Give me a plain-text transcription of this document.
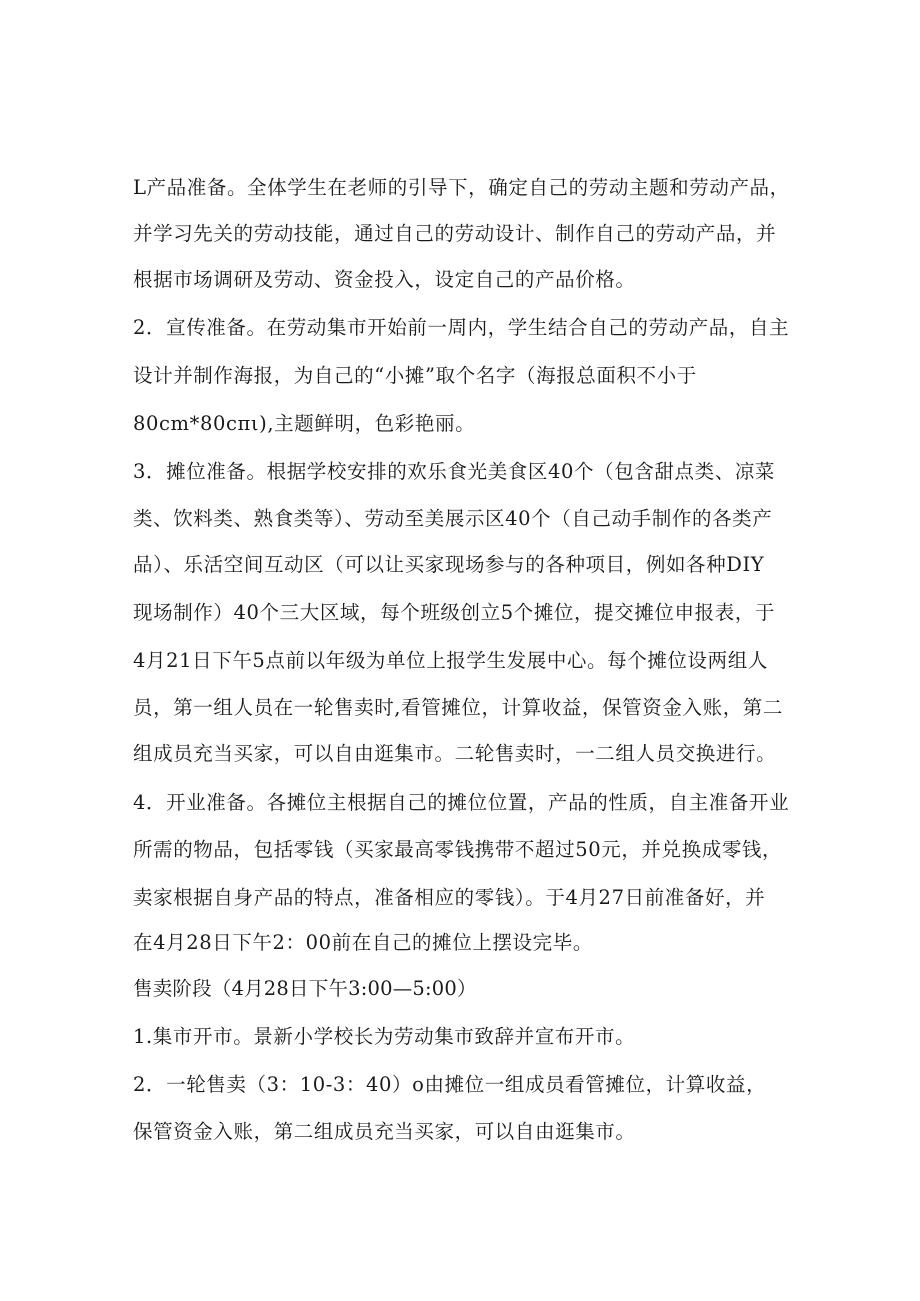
L产品准备。全体学生在老师的引导下，确定自己的劳动主题和劳动产品，
并学习先关的劳动技能，通过自己的劳动设计、制作自己的劳动产品，并
根据市场调研及劳动、资金投入，设定自己的产品价格。
2．宣传准备。在劳动集市开始前一周内，学生结合自己的劳动产品，自主
设计并制作海报，为自己的“小摊”取个名字（海报总面积不小于
80cm*80cπι),主题鲜明，色彩艳丽。
3．摊位准备。根据学校安排的欢乐食光美食区40个（包含甜点类、凉菜
类、饮料类、熟食类等）、劳动至美展示区40个（自己动手制作的各类产
品）、乐活空间互动区（可以让买家现场参与的各种项目，例如各种DIY
现场制作）40个三大区域，每个班级创立5个摊位，提交摊位申报表，于
4月21日下午5点前以年级为单位上报学生发展中心。每个摊位设两组人
员，第一组人员在一轮售卖时,看管摊位，计算收益，保管资金入账，第二
组成员充当买家，可以自由逛集市。二轮售卖时，一二组人员交换进行。
4．开业准备。各摊位主根据自己的摊位位置，产品的性质，自主准备开业
所需的物品，包括零钱（买家最高零钱携带不超过50元，并兑换成零钱，
卖家根据自身产品的特点，准备相应的零钱）。于4月27日前准备好，并
在4月28日下午2：00前在自己的摊位上摆设完毕。
售卖阶段（4月28日下午3:00—5:00）
1.集市开市。景新小学校长为劳动集市致辞并宣布开市。
2．一轮售卖（3：10-3：40）o由摊位一组成员看管摊位，计算收益，
保管资金入账，第二组成员充当买家，可以自由逛集市。
